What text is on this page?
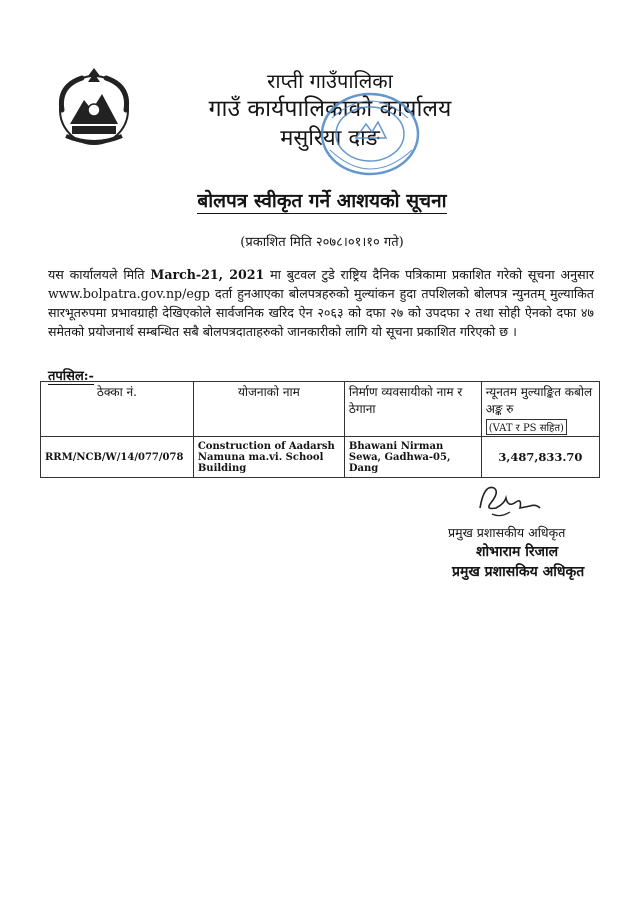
राप्ती गाउँपालिका
गाउँ कार्यपालिकाको कार्यालय
मसुरिया दाङ
बोलपत्र स्वीकृत गर्ने आशयको सूचना
(प्रकाशित मिति २०७८।०१।१० गते)
यस कार्यालयले मिति March-21, 2021 मा बुटवल टुडे राष्ट्रिय दैनिक पत्रिकामा प्रकाशित गरेको सूचना अनुसार www.bolpatra.gov.np/egp दर्ता हुनआएका बोलपत्रहरुको मुल्यांकन हुदा तपशिलको बोलपत्र न्युनतम् मुल्याकित सारभूतरुपमा प्रभावग्राही देखिएकोले सार्वजनिक खरिद ऐन २०६३ को दफा २७ को उपदफा २ तथा सोही ऐनको दफा ४७ समेतको प्रयोजनार्थ सम्बन्धित सबै बोलपत्रदाताहरुको जानकारीको लागि यो सूचना प्रकाशित गरिएको छ ।
तपसिल:-
ठेक्का नं.	योजनाको नाम	निर्माण व्यवसायीको नाम र ठेगाना	न्यूनतम मुल्याङ्कित कबोल अङ्क रु
(VAT र PS सहित)
RRM/NCB/W/14/077/078	Construction of Aadarsh Namuna ma.vi. School Building	Bhawani Nirman Sewa, Gadhwa-05, Dang	3,487,833.70
प्रमुख प्रशासकीय अधिकृत
शोभाराम रिजाल
प्रमुख प्रशासकिय अधिकृत
